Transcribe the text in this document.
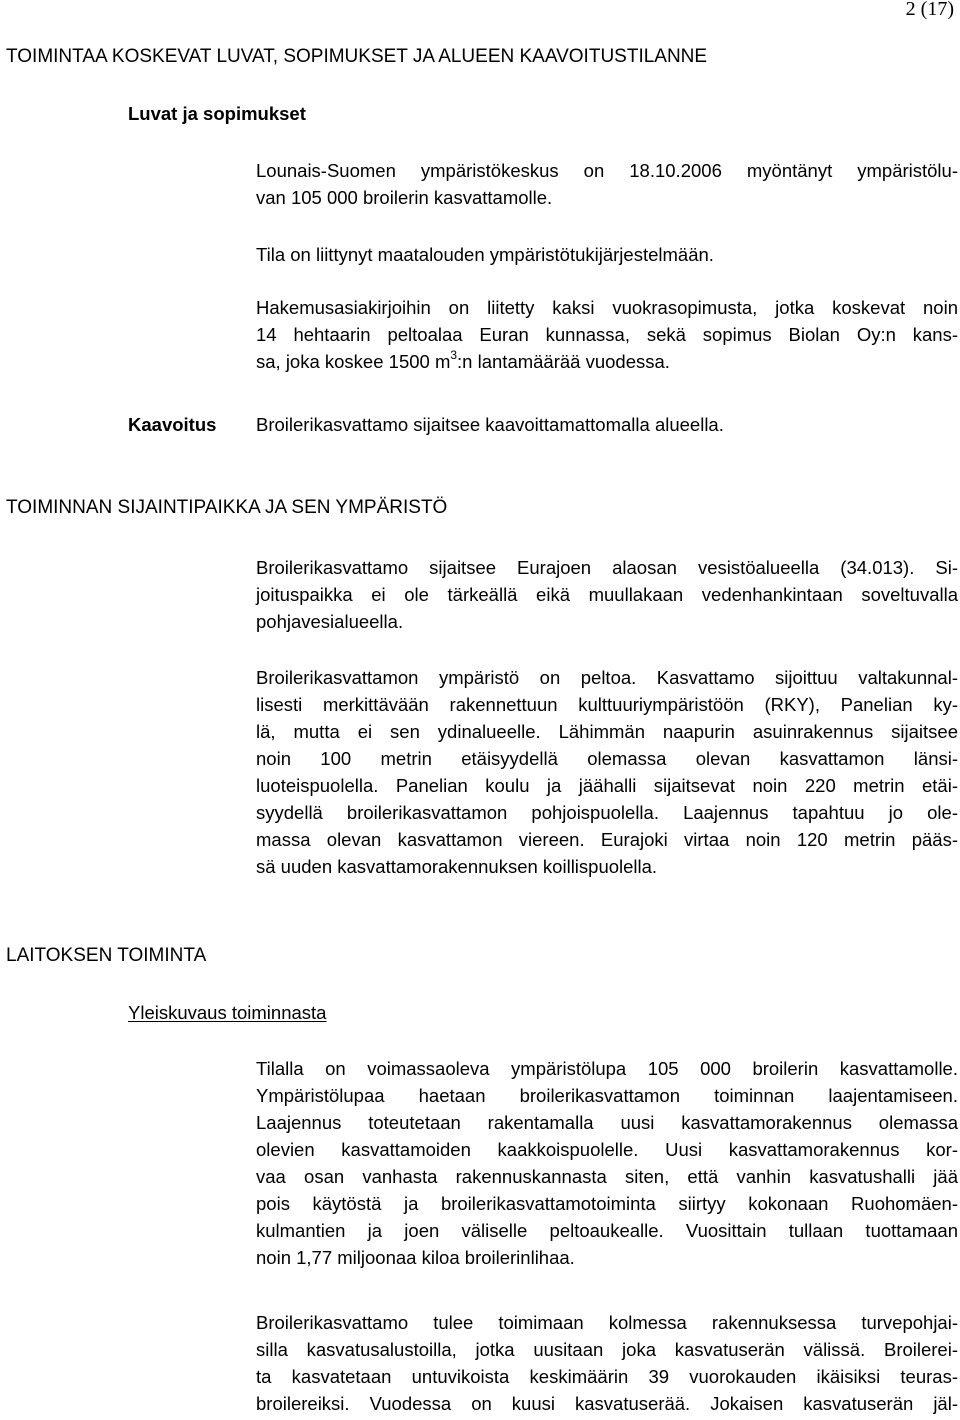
2 (17)
TOIMINTAA KOSKEVAT LUVAT, SOPIMUKSET JA ALUEEN KAAVOITUSTILANNE
Luvat ja sopimukset
Lounais-Suomen ympäristökeskus on 18.10.2006 myöntänyt ympäristölu-
van 105 000 broilerin kasvattamolle.
Tila on liittynyt maatalouden ympäristötukijärjestelmään.
Hakemusasiakirjoihin on liitetty kaksi vuokrasopimusta, jotka koskevat noin
14 hehtaarin peltoalaa Euran kunnassa, sekä sopimus Biolan Oy:n kans-
sa, joka koskee 1500 $m^3:n$ lantamäärää vuodessa.
Kaavoitus Broilerikasvattamo sijaitsee kaavoittamattomalla alueella.
TOIMINNAN SIJAINTIPAIKKA JA SEN YMPÄRISTÖ
Broilerikasvattamo sijaitsee Eurajoen alaosan vesistöalueella (34.013). Si-
joituspaikka ei ole tärkeällä eikä muullakaan vedenhankintaan soveltuvalla
pohjavesialueella.
Broilerikasvattamon ympäristö on peltoa. Kasvattamo sijoittuu valtakunnal-
lisesti merkittävään rakennettuun kulttuuriympäristöön (RKY), Panelian ky-
lä, mutta ei sen ydinalueelle. Lähimmän naapurin asuinrakennus sijaitsee
noin 100 metrin etäisyydellä olemassa olevan kasvattamon länsi-
luoteispuolella. Panelian koulu ja jäähalli sijaitsevat noin 220 metrin etäi-
syydellä broilerikasvattamon pohjoispuolella. Laajennus tapahtuu jo ole-
massa olevan kasvattamon viereen. Eurajoki virtaa noin 120 metrin pääs-
sä uuden kasvattamorakennuksen koillispuolella.
LAITOKSEN TOIMINTA
Yleiskuvaus toiminnasta
Tilalla on voimassaoleva ympäristölupa 105 000 broilerin kasvattamolle.
Ympäristölupaa haetaan broilerikasvattamon toiminnan laajentamiseen.
Laajennus toteutetaan rakentamalla uusi kasvattamorakennus olemassa
olevien kasvattamoiden kaakkoispuolelle. Uusi kasvattamorakennus kor-
vaa osan vanhasta rakennuskannasta siten, että vanhin kasvatushalli jää
pois käytöstä ja broilerikasvattamotoiminta siirtyy kokonaan Ruohomäen-
kulmantien ja joen väliselle peltoaukealle. Vuosittain tullaan tuottamaan
noin 1,77 miljoonaa kiloa broilerinlihaa.
Broilerikasvattamo tulee toimimaan kolmessa rakennuksessa turvepohjai-
silla kasvatusalustoilla, jotka uusitaan joka kasvatuserän välissä. Broilerei-
ta kasvatetaan untuvikoista keskimäärin 39 vuorokauden ikäisiksi teuras-
broilereiksi. Vuodessa on kuusi kasvatuserää. Jokaisen kasvatuserän jäl-
